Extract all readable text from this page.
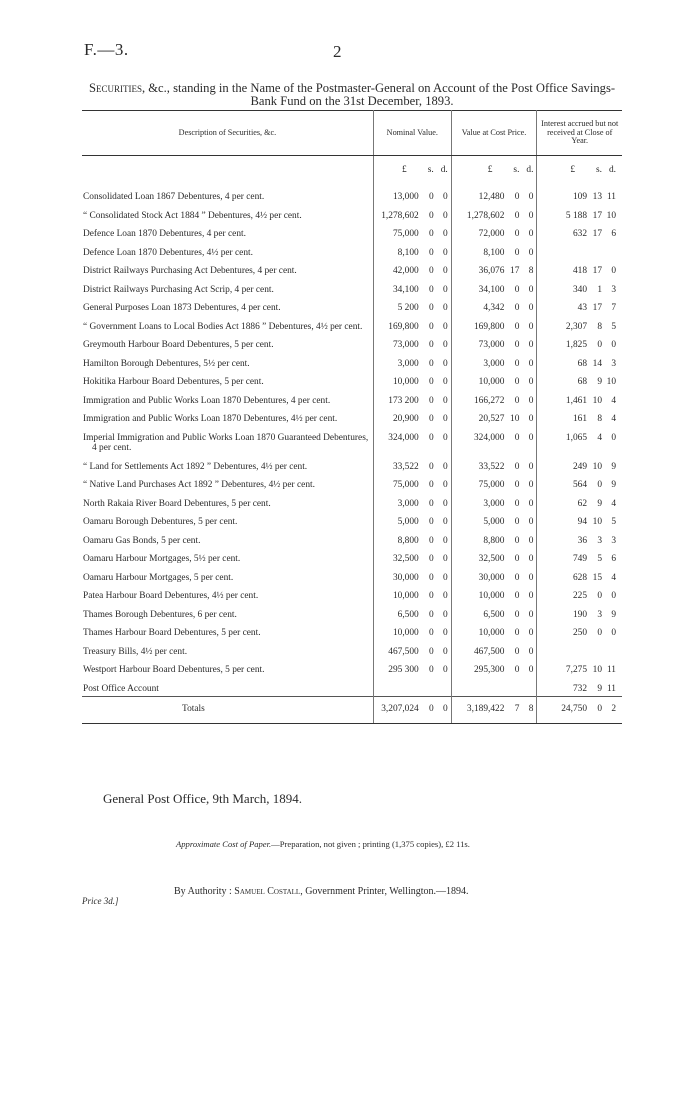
F.—3.	2
Securities, &c., standing in the Name of the Postmaster-General on Account of the Post Office Savings-Bank Fund on the 31st December, 1893.
Description of Securities, &c.	Nominal Value.	Value at Cost Price.	Interest accrued but not received at Close of Year.

	£ s. d.	£ s. d.	£ s. d.

Consolidated Loan 1867 Debentures, 4 per cent.	13,000 0 0	12,480 0 0	109 13 11

“ Consolidated Stock Act 1884 ” Debentures, 4½ per cent.	1,278,602 0 0	1,278,602 0 0	5 188 17 10

Defence Loan 1870 Debentures, 4 per cent.	75,000 0 0	72,000 0 0	632 17 6

Defence Loan 1870 Debentures, 4½ per cent.	8,100 0 0	8,100 0 0	

District Railways Purchasing Act Debentures, 4 per cent.	42,000 0 0	36,076 17 8	418 17 0

District Railways Purchasing Act Scrip, 4 per cent.	34,100 0 0	34,100 0 0	340 1 3

General Purposes Loan 1873 Debentures, 4 per cent.	5 200 0 0	4,342 0 0	43 17 7

“ Government Loans to Local Bodies Act 1886 ” Debentures, 4½ per cent.	169,800 0 0	169,800 0 0	2,307 8 5

Greymouth Harbour Board Debentures, 5 per cent.	73,000 0 0	73,000 0 0	1,825 0 0

Hamilton Borough Debentures, 5½ per cent.	3,000 0 0	3,000 0 0	68 14 3

Hokitika Harbour Board Debentures, 5 per cent.	10,000 0 0	10,000 0 0	68 9 10

Immigration and Public Works Loan 1870 Debentures, 4 per cent.	173 200 0 0	166,272 0 0	1,461 10 4

Immigration and Public Works Loan 1870 Debentures, 4½ per cent.	20,900 0 0	20,527 10 0	161 8 4

Imperial Immigration and Public Works Loan 1870 Guaranteed Debentures, 4 per cent.	324,000 0 0	324,000 0 0	1,065 4 0

“ Land for Settlements Act 1892 ” Debentures, 4½ per cent.	33,522 0 0	33,522 0 0	249 10 9

“ Native Land Purchases Act 1892 ” Debentures, 4½ per cent.	75,000 0 0	75,000 0 0	564 0 9

North Rakaia River Board Debentures, 5 per cent.	3,000 0 0	3,000 0 0	62 9 4

Oamaru Borough Debentures, 5 per cent.	5,000 0 0	5,000 0 0	94 10 5

Oamaru Gas Bonds, 5 per cent.	8,800 0 0	8,800 0 0	36 3 3

Oamaru Harbour Mortgages, 5½ per cent.	32,500 0 0	32,500 0 0	749 5 6

Oamaru Harbour Mortgages, 5 per cent.	30,000 0 0	30,000 0 0	628 15 4

Patea Harbour Board Debentures, 4½ per cent.	10,000 0 0	10,000 0 0	225 0 0

Thames Borough Debentures, 6 per cent.	6,500 0 0	6,500 0 0	190 3 9

Thames Harbour Board Debentures, 5 per cent.	10,000 0 0	10,000 0 0	250 0 0

Treasury Bills, 4½ per cent.	467,500 0 0	467,500 0 0	

Westport Harbour Board Debentures, 5 per cent.	295 300 0 0	295,300 0 0	7,275 10 11

Post Office Account			732 9 11

Totals	3,207,024 0 0	3,189,422 7 8	24,750 0 2
General Post Office, 9th March, 1894.
Approximate Cost of Paper.—Preparation, not given ; printing (1,375 copies), £2 11s.
Price 3d.]
By Authority : Samuel Costall, Government Printer, Wellington.—1894.
